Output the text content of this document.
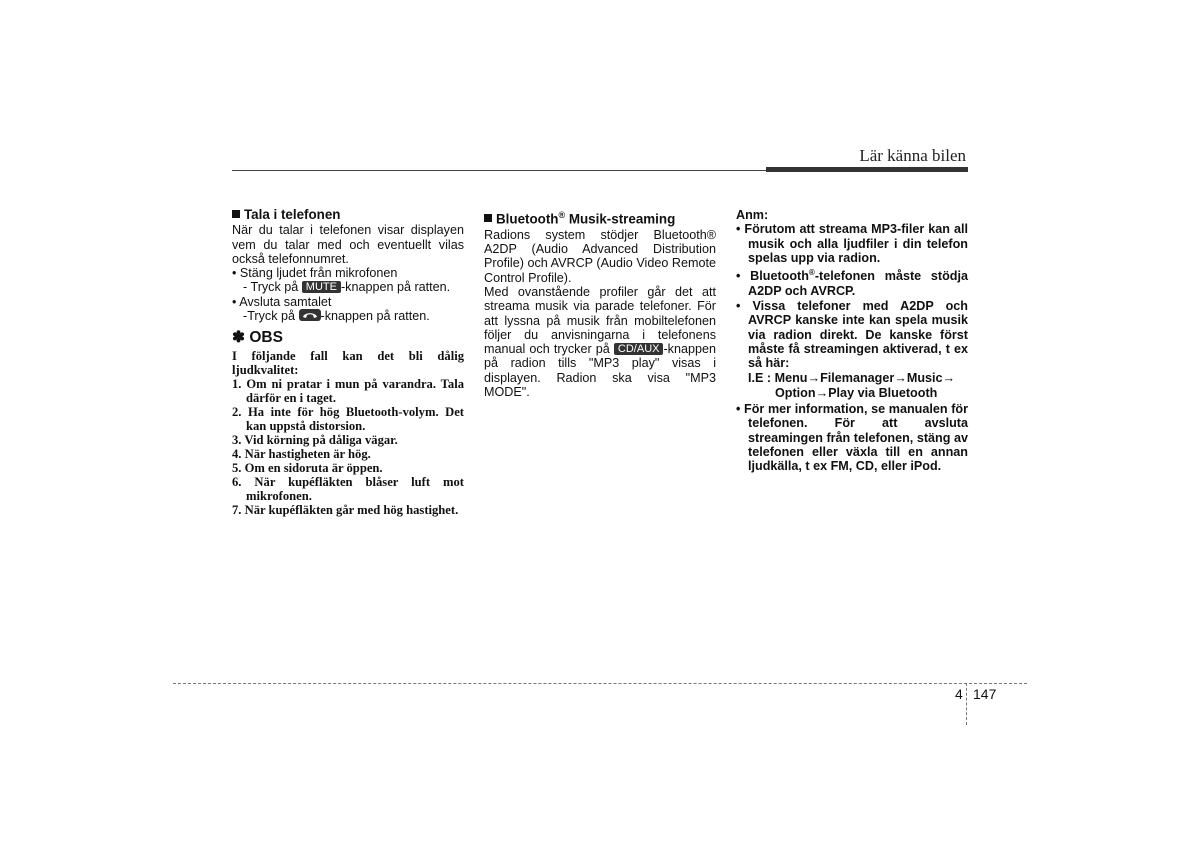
Lär känna bilen
Tala i telefonen

När du talar i telefonen visar displayen vem du talar med och eventuellt vilas också telefonnumret.

• Stäng ljudet från mikrofonen

- Tryck på MUTE -knappen på ratten.

• Avsluta samtalet

-Tryck på
-knappen på ratten.

✽ OBS

I följande fall kan det bli dålig ljudkvalitet:

1. Om ni pratar i mun på varandra. Tala därför en i taget.
2. Ha inte för hög Bluetooth-volym. Det kan uppstå distorsion.
3. Vid körning på dåliga vägar.
4. När hastigheten är hög.
5. Om en sidoruta är öppen.
6. När kupéfläkten blåser luft mot mikrofonen.
7. När kupéfläkten går med hög hastighet.
Bluetooth® Musik-streaming

Radions system stödjer Bluetooth® A2DP (Audio Advanced Distribution Profile) och AVRCP (Audio Video Remote Control Profile).

Med ovanstående profiler går det att streama musik via parade telefoner. För att lyssna på musik från mobiltelefonen följer du anvisningarna i telefonens manual och trycker på CD/AUX -knappen på radion tills "MP3 play" visas i displayen. Radion ska visa "MP3 MODE".

Anm:

• Förutom att streama MP3-filer kan all musik och alla ljudfiler i din telefon spelas upp via radion.
• Bluetooth®-telefonen måste stödja A2DP och AVRCP.
• Vissa telefoner med A2DP och AVRCP kanske inte kan spela musik via radion direkt. De kanske först måste få streamingen aktiverad, t ex så här:

I.E : Menu→Filemanager→Music→

Option→Play via Bluetooth

• För mer information, se manualen för telefonen. För att avsluta streamingen från telefonen, stäng av telefonen eller växla till en annan ljudkälla, t ex FM, CD, eller iPod.
4 147
